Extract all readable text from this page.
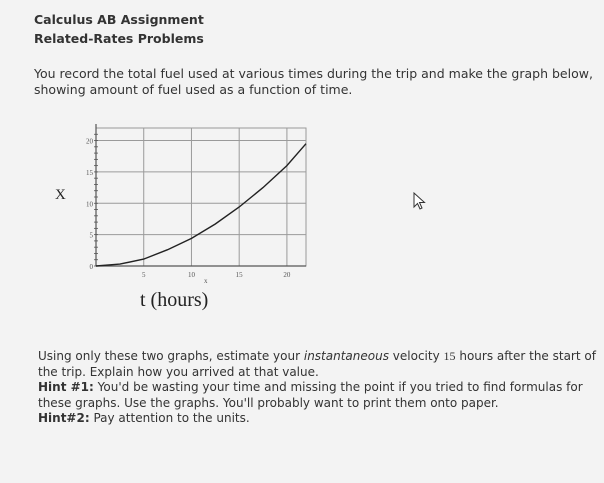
Calculus AB Assignment
Related-Rates Problems
You record the total fuel used at various times during the trip and make the graph below, showing amount of fuel used as a function of time.
X
0
5
10
15
20
5	10	15	20
x
t (hours)

Using only these two graphs, estimate your instantaneous velocity 15 hours after the start of the trip. Explain how you arrived at that value.

Hint #1: You'd be wasting your time and missing the point if you tried to find formulas for these graphs. Use the graphs. You'll probably want to print them onto paper.

Hint#2: Pay attention to the units.
